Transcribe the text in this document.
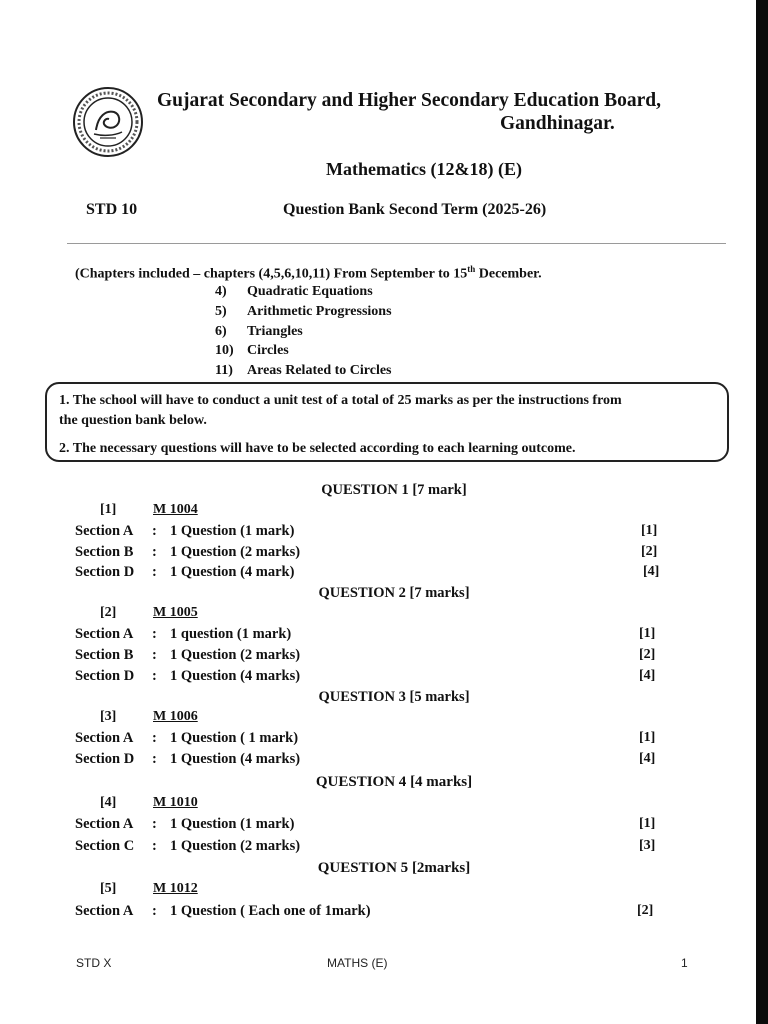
Gujarat Secondary and Higher Secondary Education Board,
Gandhinagar.
Mathematics (12&18) (E)
STD 10	Question Bank Second Term (2025-26)
(Chapters included – chapters (4,5,6,10,11) From September to 15th December.
4) Quadratic Equations
5) Arithmetic Progressions
6) Triangles
10) Circles
11) Areas Related to Circles
1. The school will have to conduct a unit test of a total of 25 marks as per the instructions from
the question bank below.
2. The necessary questions will have to be selected according to each learning outcome.
QUESTION 1 [7 mark]
[1]	M 1004
Section A : 1 Question (1 mark)	[1]
Section B : 1 Question (2 marks)	[2]
Section D : 1 Question (4 mark)	[4]
QUESTION 2 [7 marks]
[2]	M 1005
Section A : 1 question (1 mark)	[1]
Section B : 1 Question (2 marks)	[2]
Section D : 1 Question (4 marks)	[4]
QUESTION 3 [5 marks]
[3]	M 1006
Section A : 1 Question ( 1 mark)	[1]
Section D : 1 Question (4 marks)	[4]
QUESTION 4 [4 marks]
[4]	M 1010
Section A : 1 Question (1 mark)	[1]
Section C : 1 Question (2 marks)	[3]
QUESTION 5 [2marks]
[5]	M 1012
Section A : 1 Question ( Each one of 1mark)	[2]
STD X	MATHS (E)	1
